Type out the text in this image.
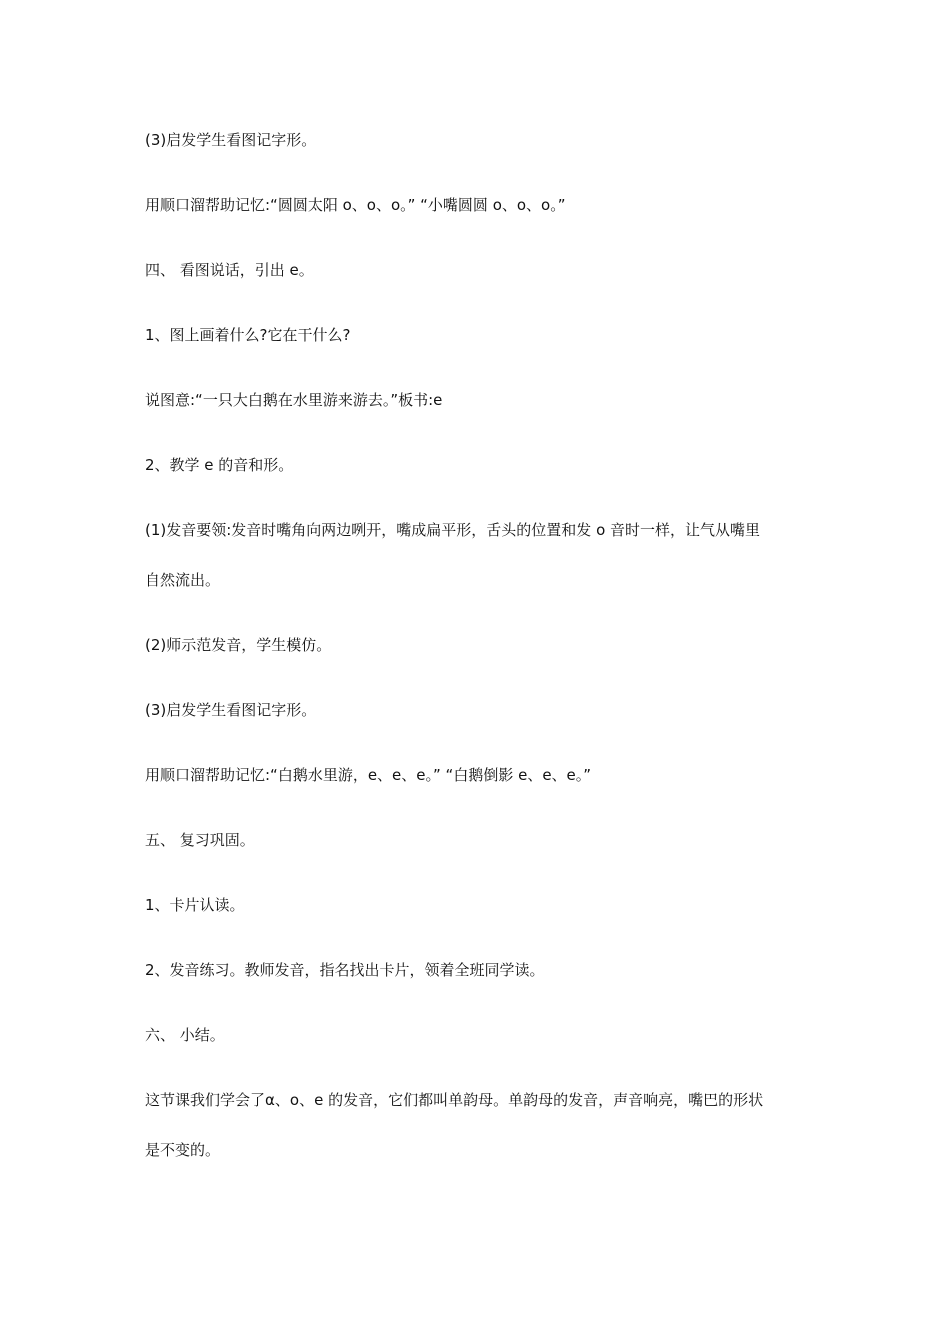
(3)启发学生看图记字形。
用顺口溜帮助记忆:“圆圆太阳 o、o、o。” “小嘴圆圆 o、o、o。”
四、 看图说话，引出 e。
1、图上画着什么?它在干什么?
说图意:“一只大白鹅在水里游来游去。”板书:e
2、教学 e 的音和形。
(1)发音要领:发音时嘴角向两边咧开，嘴成扁平形，舌头的位置和发 o 音时一样，让气从嘴里
自然流出。
(2)师示范发音，学生模仿。
(3)启发学生看图记字形。
用顺口溜帮助记忆:“白鹅水里游，e、e、e。” “白鹅倒影 e、e、e。”
五、 复习巩固。
1、卡片认读。
2、发音练习。教师发音，指名找出卡片，领着全班同学读。
六、 小结。
这节课我们学会了α、o、e 的发音，它们都叫单韵母。单韵母的发音，声音响亮，嘴巴的形状
是不变的。
